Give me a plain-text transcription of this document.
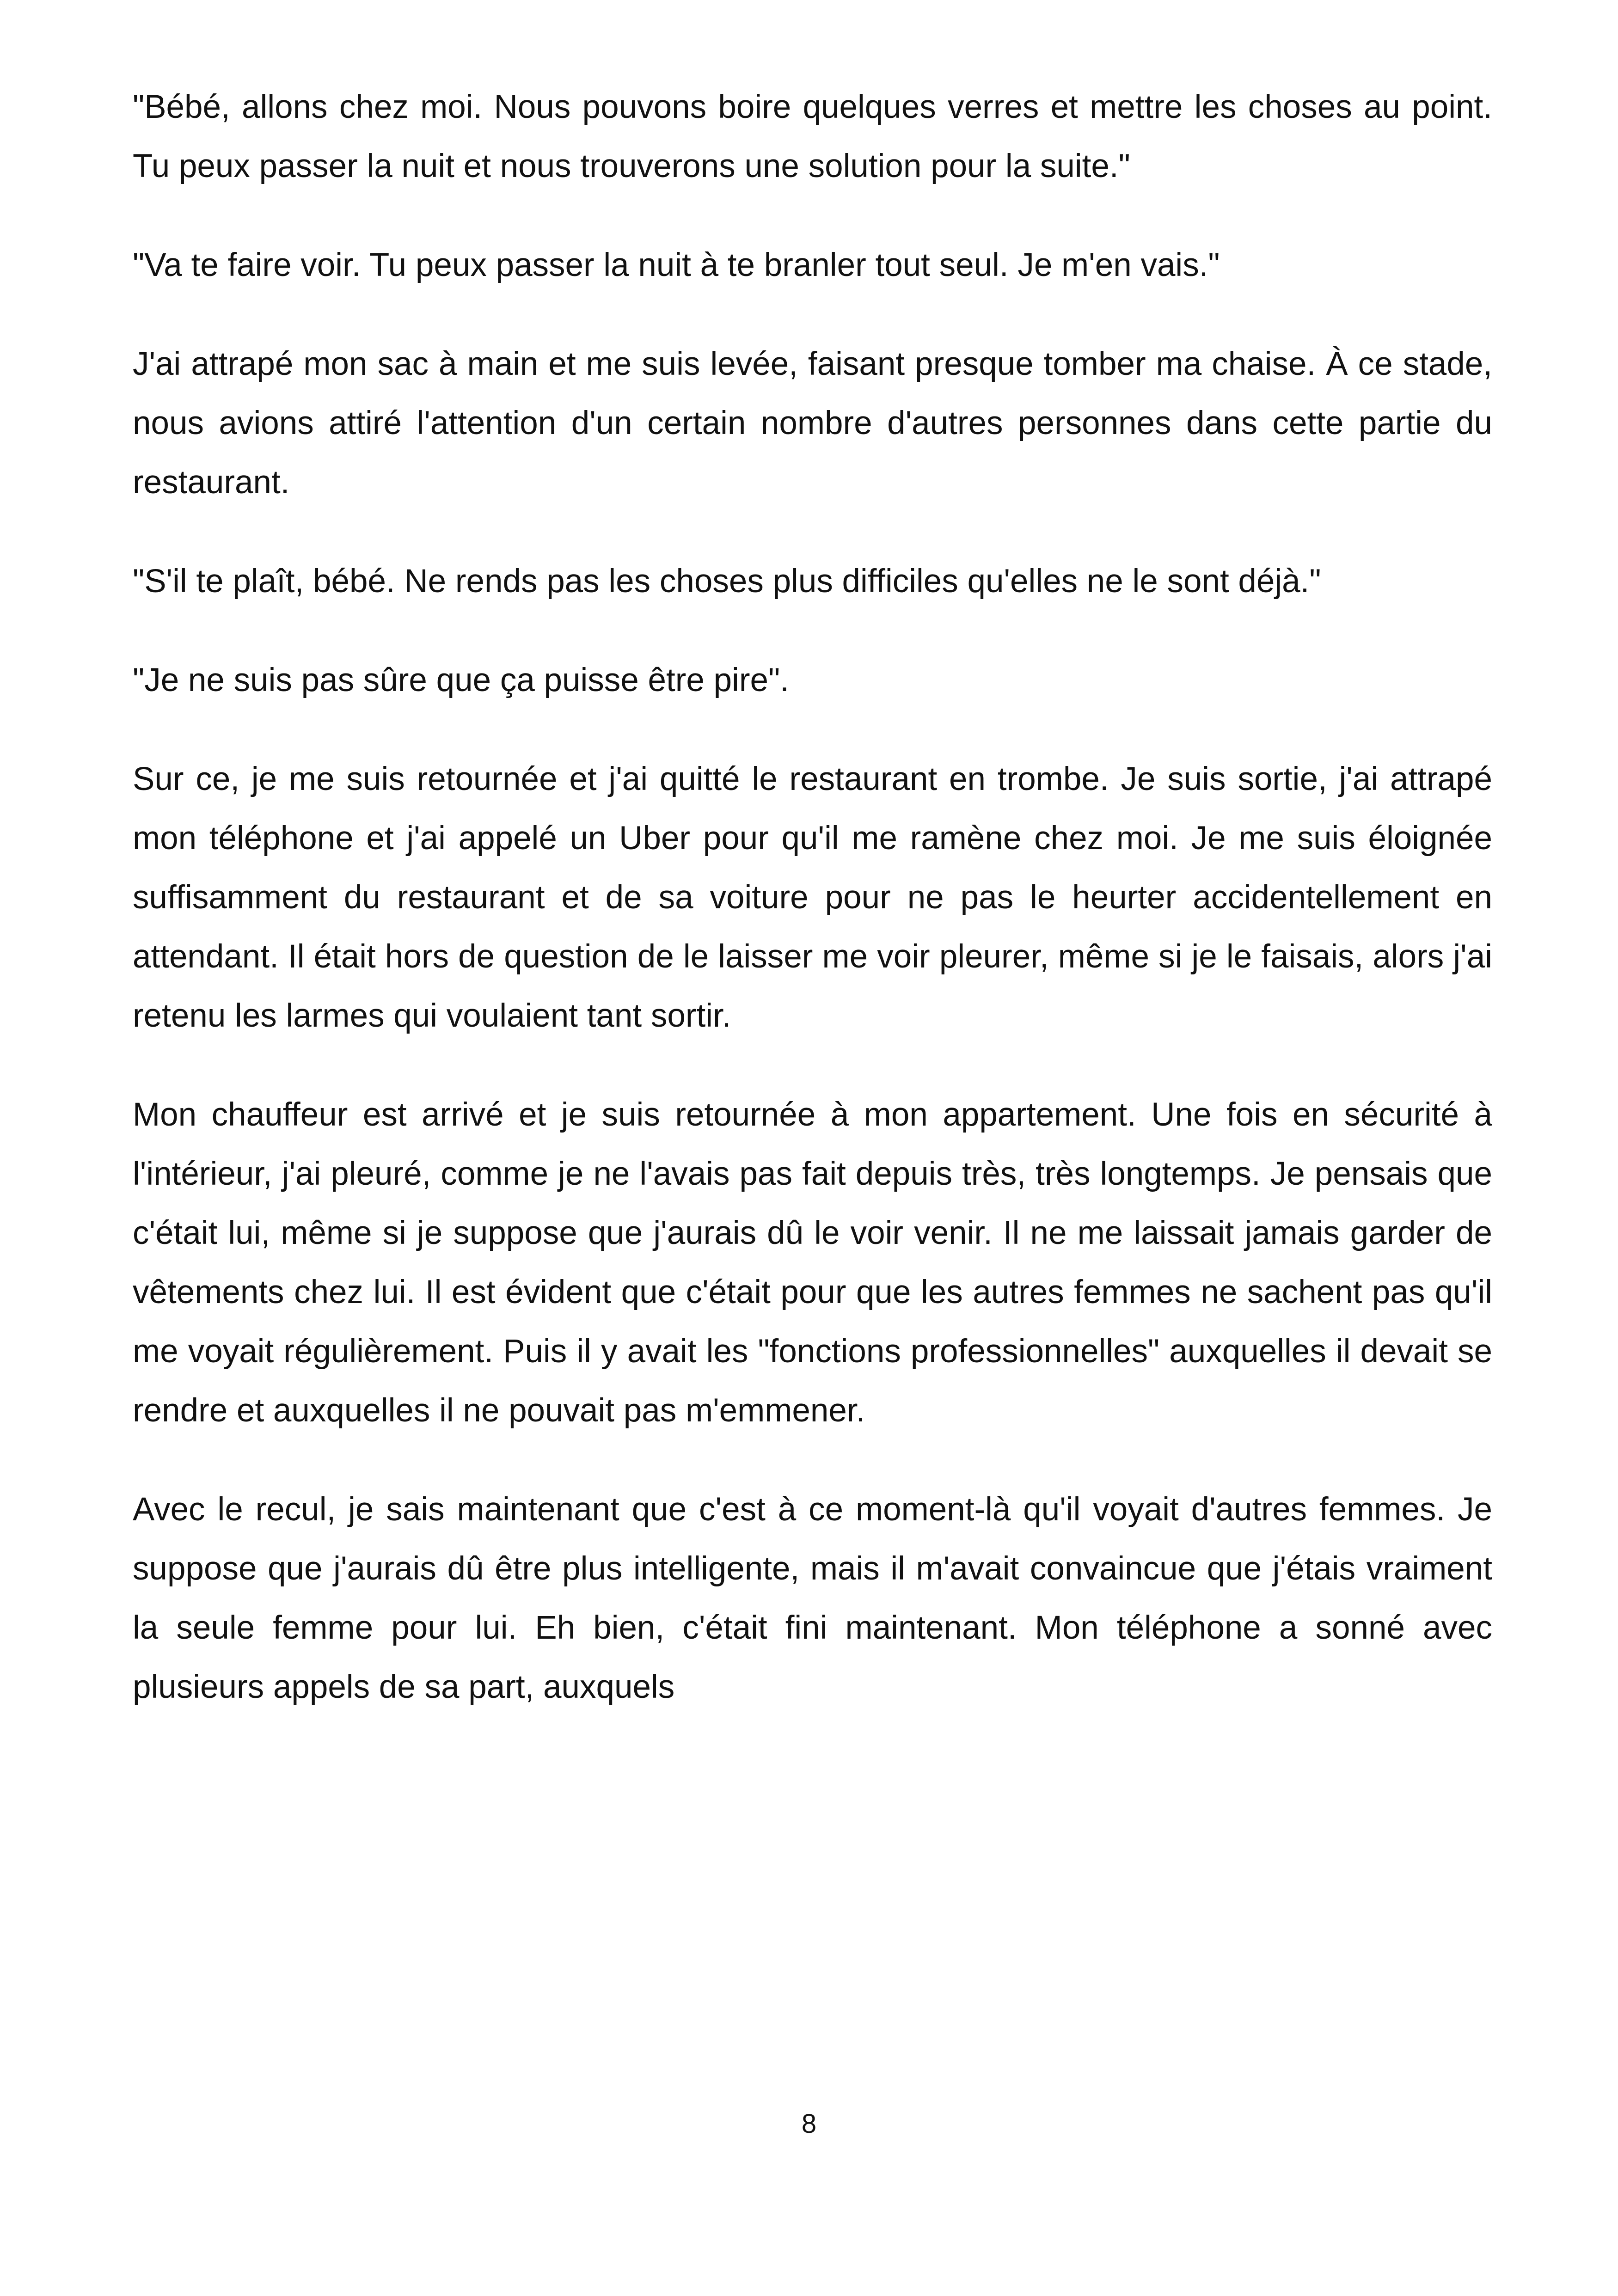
"Bébé, allons chez moi. Nous pouvons boire quelques verres et mettre les choses au point. Tu peux passer la nuit et nous trouverons une solution pour la suite."

"Va te faire voir. Tu peux passer la nuit à te branler tout seul. Je m'en vais."

J'ai attrapé mon sac à main et me suis levée, faisant presque tomber ma chaise. À ce stade, nous avions attiré l'attention d'un certain nombre d'autres personnes dans cette partie du restaurant.

"S'il te plaît, bébé. Ne rends pas les choses plus difficiles qu'elles ne le sont déjà."

"Je ne suis pas sûre que ça puisse être pire".

Sur ce, je me suis retournée et j'ai quitté le restaurant en trombe. Je suis sortie, j'ai attrapé mon téléphone et j'ai appelé un Uber pour qu'il me ramène chez moi. Je me suis éloignée suffisamment du restaurant et de sa voiture pour ne pas le heurter accidentellement en attendant. Il était hors de question de le laisser me voir pleurer, même si je le faisais, alors j'ai retenu les larmes qui voulaient tant sortir.

Mon chauffeur est arrivé et je suis retournée à mon appartement. Une fois en sécurité à l'intérieur, j'ai pleuré, comme je ne l'avais pas fait depuis très, très longtemps. Je pensais que c'était lui, même si je suppose que j'aurais dû le voir venir. Il ne me laissait jamais garder de vêtements chez lui. Il est évident que c'était pour que les autres femmes ne sachent pas qu'il me voyait régulièrement. Puis il y avait les "fonctions professionnelles" auxquelles il devait se rendre et auxquelles il ne pouvait pas m'emmener.

Avec le recul, je sais maintenant que c'est à ce moment-là qu'il voyait d'autres femmes. Je suppose que j'aurais dû être plus intelligente, mais il m'avait convaincue que j'étais vraiment la seule femme pour lui. Eh bien, c'était fini maintenant. Mon téléphone a sonné avec plusieurs appels de sa part, auxquels

8
